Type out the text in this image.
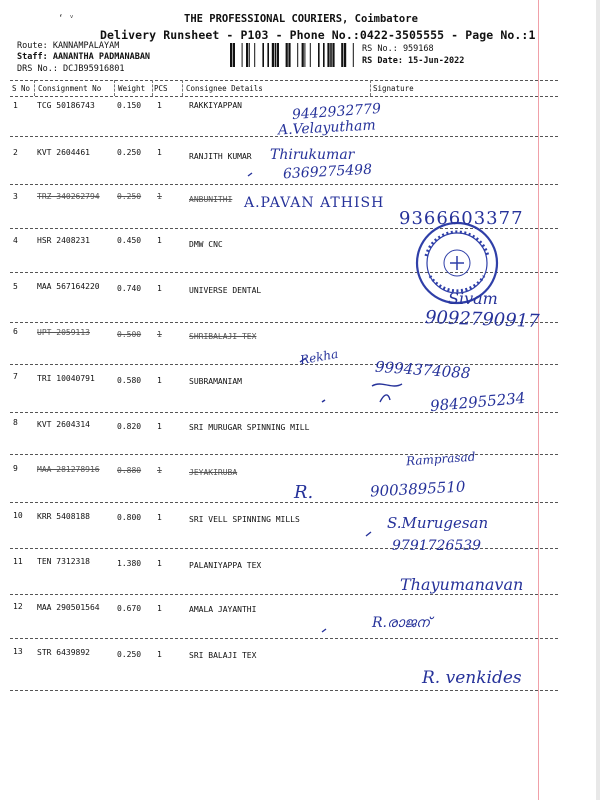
‘ ᵛ	THE PROFESSIONAL COURIERS, Coimbatore
Delivery Runsheet - P103 - Phone No.:0422-3505555 - Page No.:1
Route: KANNAMPALAYAM
Staff: AANANTHA PADMANABAN
DRS No.: DCJB95916801
RS No.: 959168
RS Date: 15-Jun-2022
S No Consignment No Weight PCS Consignee Details	Signature
1 TCG 50186743	0.150 1	RAKKIYAPPAN
2 KVT 2604461	0.250 1	RANJITH KUMAR
3 TRZ 340262794 0.250 1	ANBUNITHI
4 HSR 2408231	0.450 1	DMW CNC
5 MAA 567164220 0.740 1	UNIVERSE DENTAL
6 UPT 2059113	0.500 1	SHRIBALAJI TEX
7 TRI 10040791	0.580 1	SUBRAMANIAM
8 KVT 2604314	0.820 1	SRI MURUGAR SPINNING MILL
9 MAA 281278916 0.880 1	JEYAKIRUBA
10 KRR 5408188	0.800 1	SRI VELL SPINNING MILLS
11 TEN 7312318	1.380 1	PALANIYAPPA TEX
12 MAA 290501564 0.670 1	AMALA JAYANTHI
13 STR 6439892	0.250 1	SRI BALAJI TEX
9442932779
A.Velayutham
Thirukumar
6369275498
A.PAVAN ATHISH
9366603377
Sivam
9092790917
Rekha
9994374088
9842955234
Ramprasad
R.	9003895510
S.Murugesan
9791726539
Thayumanavan
R.രാജന്
R. venkides
